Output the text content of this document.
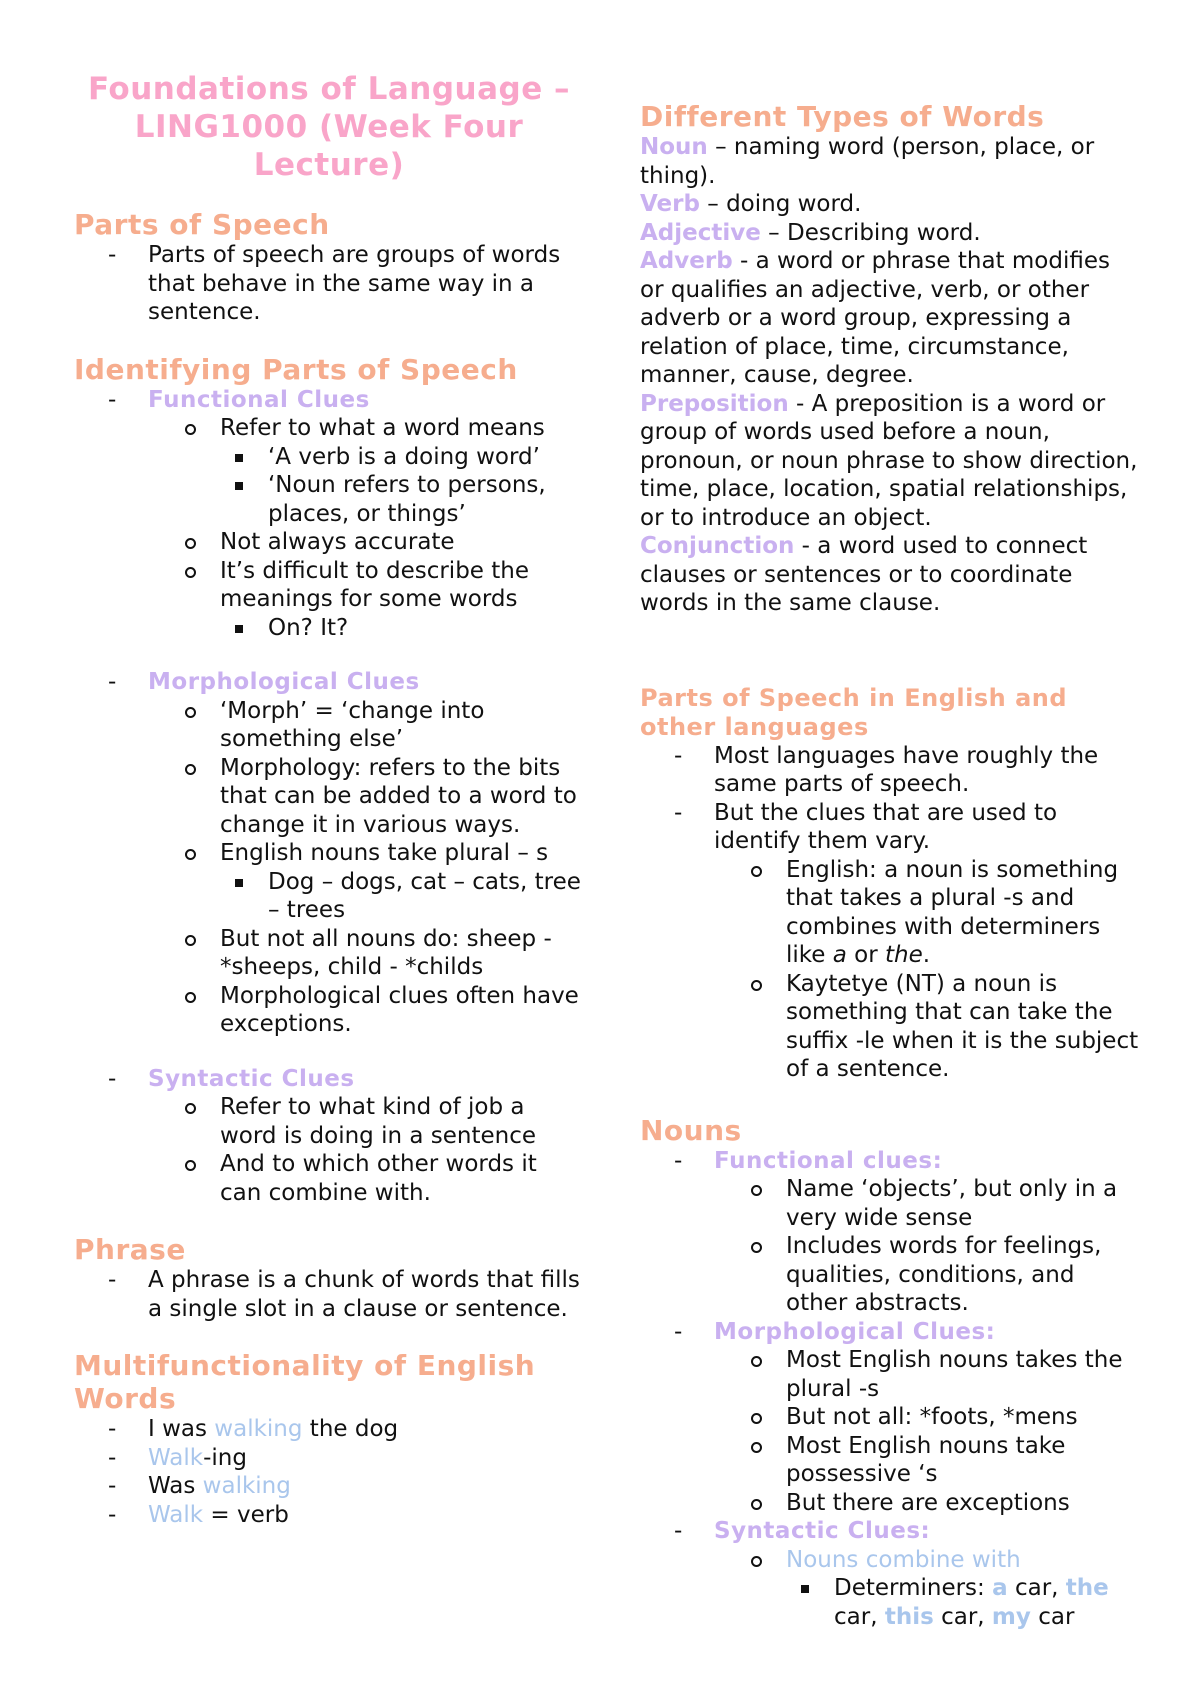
Foundations of Language – LING1000 (Week Four Lecture)
Parts of Speech
- Parts of speech are groups of words that behave in the same way in a sentence.
Identifying Parts of Speech
- Functional Clues
Refer to what a word means
‘A verb is a doing word’
‘Noun refers to persons, places, or things’
Not always accurate
It’s difficult to describe the meanings for some words
On? It?
- Morphological Clues
‘Morph’ = ‘change into something else’
Morphology: refers to the bits that can be added to a word to change it in various ways.
English nouns take plural – s
Dog – dogs, cat – cats, tree – trees
But not all nouns do: sheep - *sheeps, child - *childs
Morphological clues often have exceptions.
- Syntactic Clues
Refer to what kind of job a word is doing in a sentence
And to which other words it can combine with.
Phrase
- A phrase is a chunk of words that fills a single slot in a clause or sentence.
Multifunctionality of English Words
- I was walking the dog
- Walk-ing
- Was walking
- Walk = verb
Different Types of Words
Noun – naming word (person, place, or thing).
Verb – doing word.
Adjective – Describing word.
Adverb - a word or phrase that modifies or qualifies an adjective, verb, or other adverb or a word group, expressing a relation of place, time, circumstance, manner, cause, degree.
Preposition - A preposition is a word or group of words used before a noun, pronoun, or noun phrase to show direction, time, place, location, spatial relationships, or to introduce an object.
Conjunction - a word used to connect clauses or sentences or to coordinate words in the same clause.
Parts of Speech in English and other languages
- Most languages have roughly the same parts of speech.
- But the clues that are used to identify them vary.
English: a noun is something that takes a plural -s and combines with determiners like a or the.
Kaytetye (NT) a noun is something that can take the suffix -le when it is the subject of a sentence.
Nouns
- Functional clues:
Name ‘objects’, but only in a very wide sense
Includes words for feelings, qualities, conditions, and other abstracts.
- Morphological Clues:
Most English nouns takes the plural -s
But not all: *foots, *mens
Most English nouns take possessive ‘s
But there are exceptions
- Syntactic Clues:
Nouns combine with
Determiners: a car, the car, this car, my car
